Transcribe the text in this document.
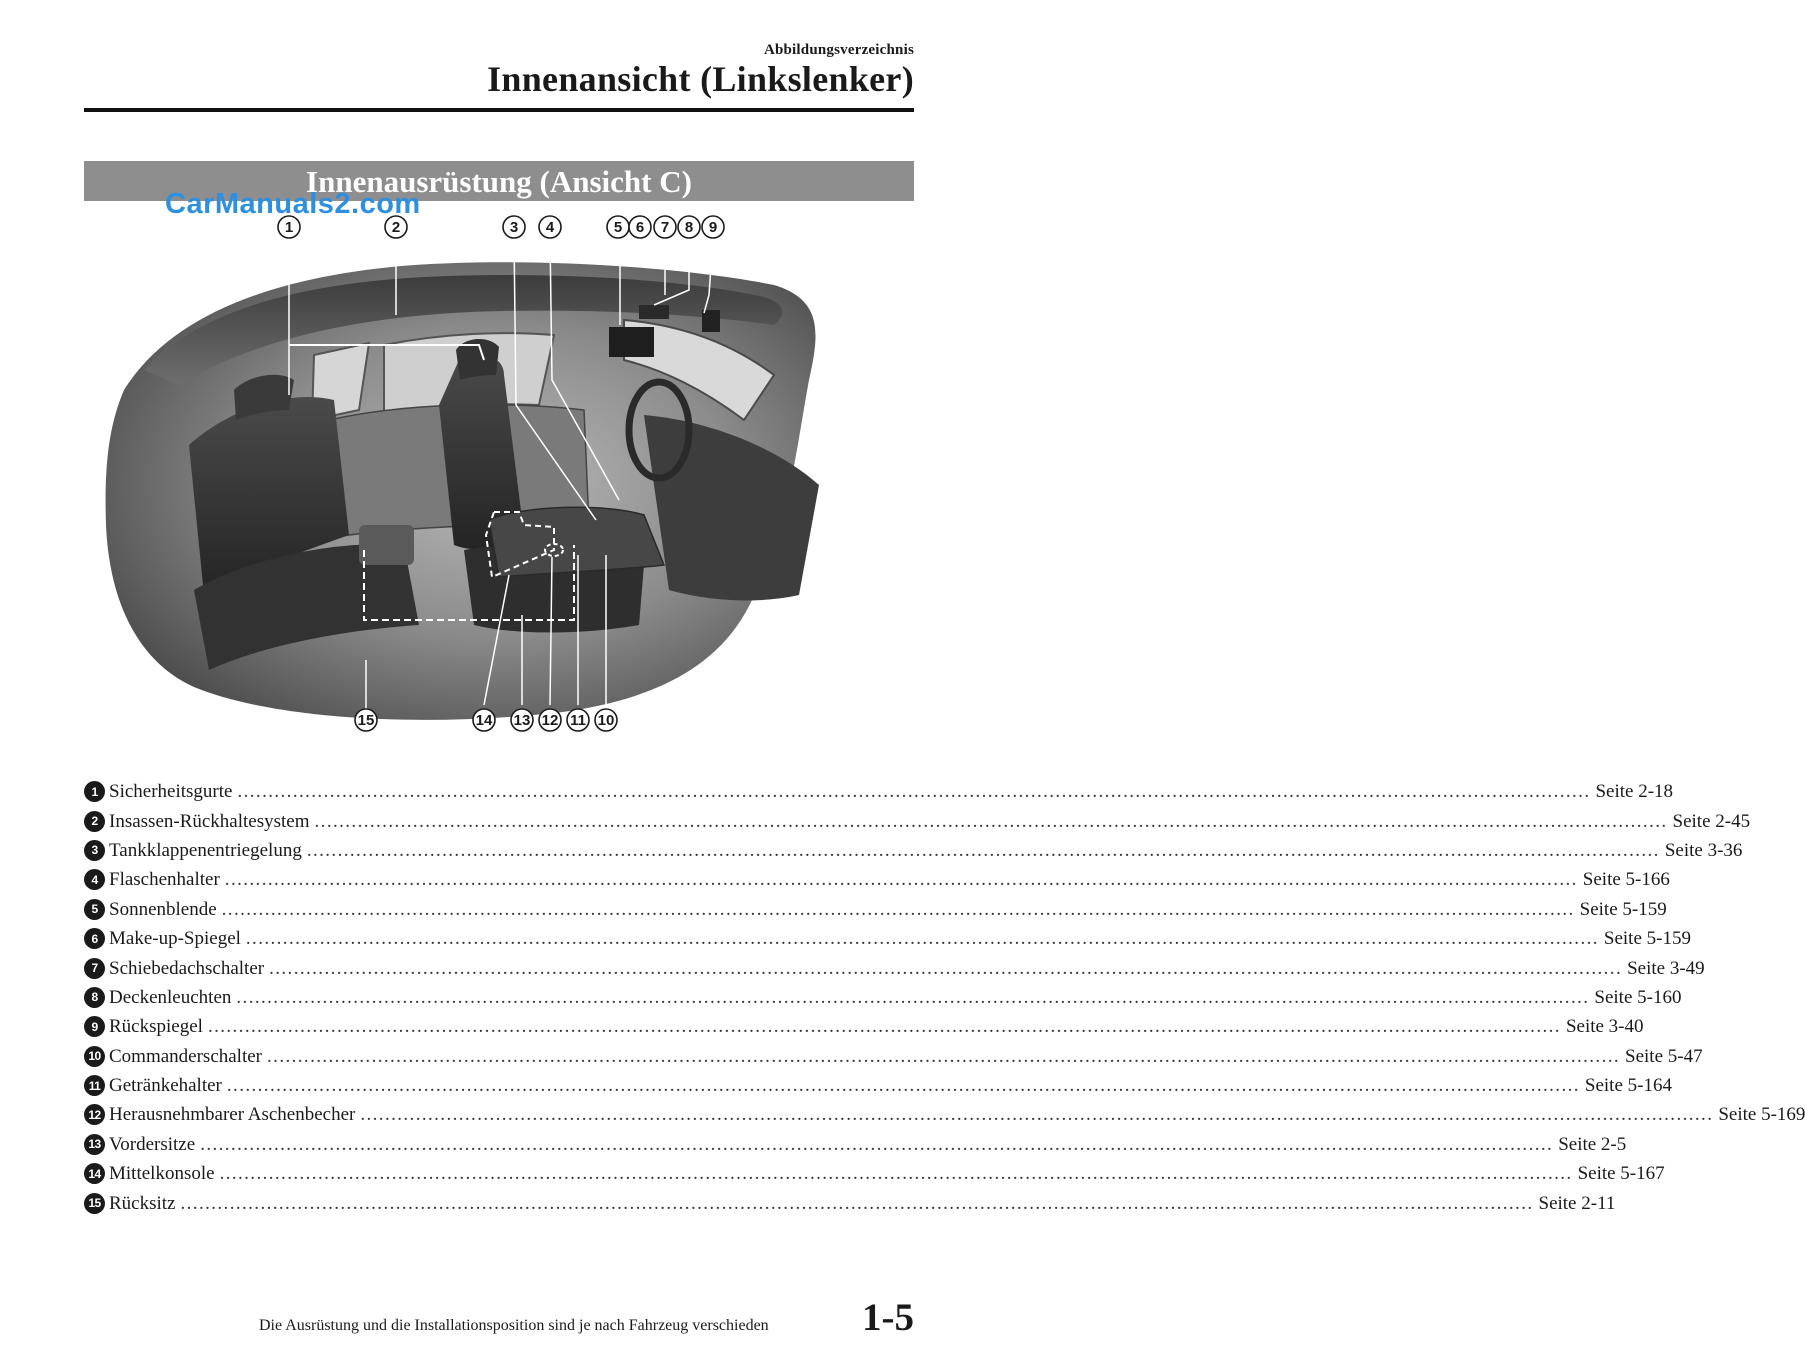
Abbildungsverzeichnis
Innenansicht (Linkslenker)
Innenausrüstung (Ansicht C)
1	2	3 4	5 6 7 8 9
15	14 13 12 11 10
CarManuals2.com
1 Sicherheitsgurte ............................................................................................................................................................................................................................ Seite 2-18
2 Insassen-Rückhaltesystem ............................................................................................................................................................................................................................ Seite 2-45
3 Tankklappenentriegelung ............................................................................................................................................................................................................................ Seite 3-36
4 Flaschenhalter ............................................................................................................................................................................................................................ Seite 5-166
5 Sonnenblende ............................................................................................................................................................................................................................ Seite 5-159
6 Make-up-Spiegel ............................................................................................................................................................................................................................ Seite 5-159
7 Schiebedachschalter ............................................................................................................................................................................................................................ Seite 3-49
8 Deckenleuchten ............................................................................................................................................................................................................................ Seite 5-160
9 Rückspiegel ............................................................................................................................................................................................................................ Seite 3-40
10 Commanderschalter ............................................................................................................................................................................................................................ Seite 5-47
11 Getränkehalter ............................................................................................................................................................................................................................ Seite 5-164
12 Herausnehmbarer Aschenbecher ............................................................................................................................................................................................................................ Seite 5-169
13 Vordersitze ............................................................................................................................................................................................................................ Seite 2-5
14 Mittelkonsole ............................................................................................................................................................................................................................ Seite 5-167
15 Rücksitz ............................................................................................................................................................................................................................ Seite 2-11
Die Ausrüstung und die Installationsposition sind je nach Fahrzeug verschieden 1-5
